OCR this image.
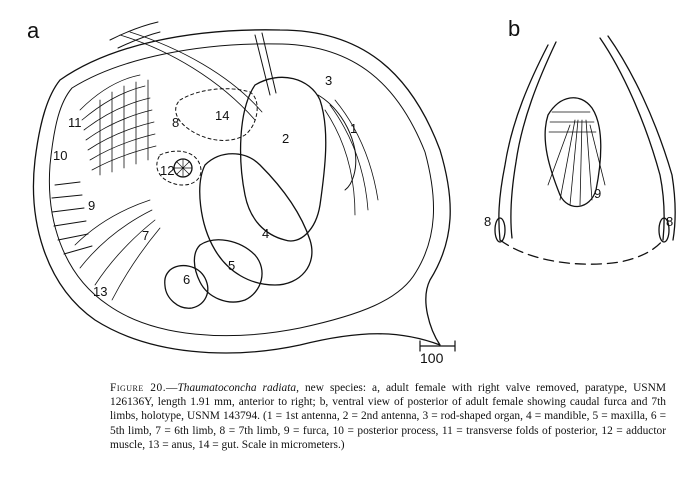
a	b
11	8	14
3
2
1
10
12
9
4
5
7
6
13
9
8	8
100
Figure 20.—Thaumatoconcha radiata, new species: a, adult female with right valve removed, paratype, USNM 126136Y, length 1.91 mm, anterior to right; b, ventral view of posterior of adult female showing caudal furca and 7th limbs, holotype, USNM 143794. (1 = 1st antenna, 2 = 2nd antenna, 3 = rod-shaped organ, 4 = mandible, 5 = maxilla, 6 = 5th limb, 7 = 6th limb, 8 = 7th limb, 9 = furca, 10 = posterior process, 11 = transverse folds of posterior, 12 = adductor muscle, 13 = anus, 14 = gut. Scale in micrometers.)
